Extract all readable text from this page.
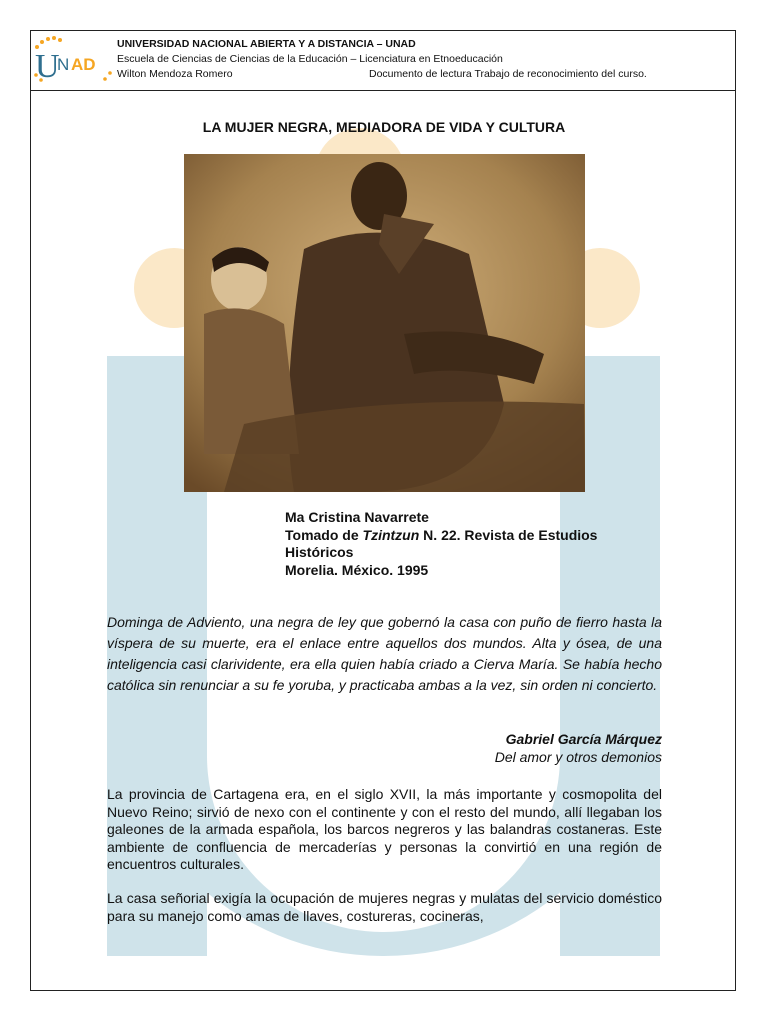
U
N AD
UNIVERSIDAD NACIONAL ABIERTA Y A DISTANCIA – UNAD
Escuela de Ciencias de Ciencias de la Educación – Licenciatura en Etnoeducación
Wilton Mendoza Romero	Documento de lectura Trabajo de reconocimiento del curso.
LA MUJER NEGRA, MEDIADORA DE VIDA Y CULTURA
Ma Cristina Navarrete
Tomado de Tzintzun N. 22. Revista de Estudios Históricos
Morelia. México. 1995
Dominga de Adviento, una negra de ley que gobernó la casa con puño de fierro hasta la víspera de su muerte, era el enlace entre aquellos dos mundos. Alta y ósea, de una inteligencia casi clarividente, era ella quien había criado a Cierva María. Se había hecho católica sin renunciar a su fe yoruba, y practicaba ambas a la vez, sin orden ni concierto.
Gabriel García Márquez
Del amor y otros demonios
La provincia de Cartagena era, en el siglo XVII, la más importante y cosmopolita del Nuevo Reino; sirvió de nexo con el continente y con el resto del mundo, allí llegaban los galeones de la armada española, los barcos negreros y las balandras costaneras. Este ambiente de confluencia de mercaderías y personas la convirtió en una región de encuentros culturales.
La casa señorial exigía la ocupación de mujeres negras y mulatas del servicio doméstico para su manejo como amas de llaves, costureras, cocineras,
